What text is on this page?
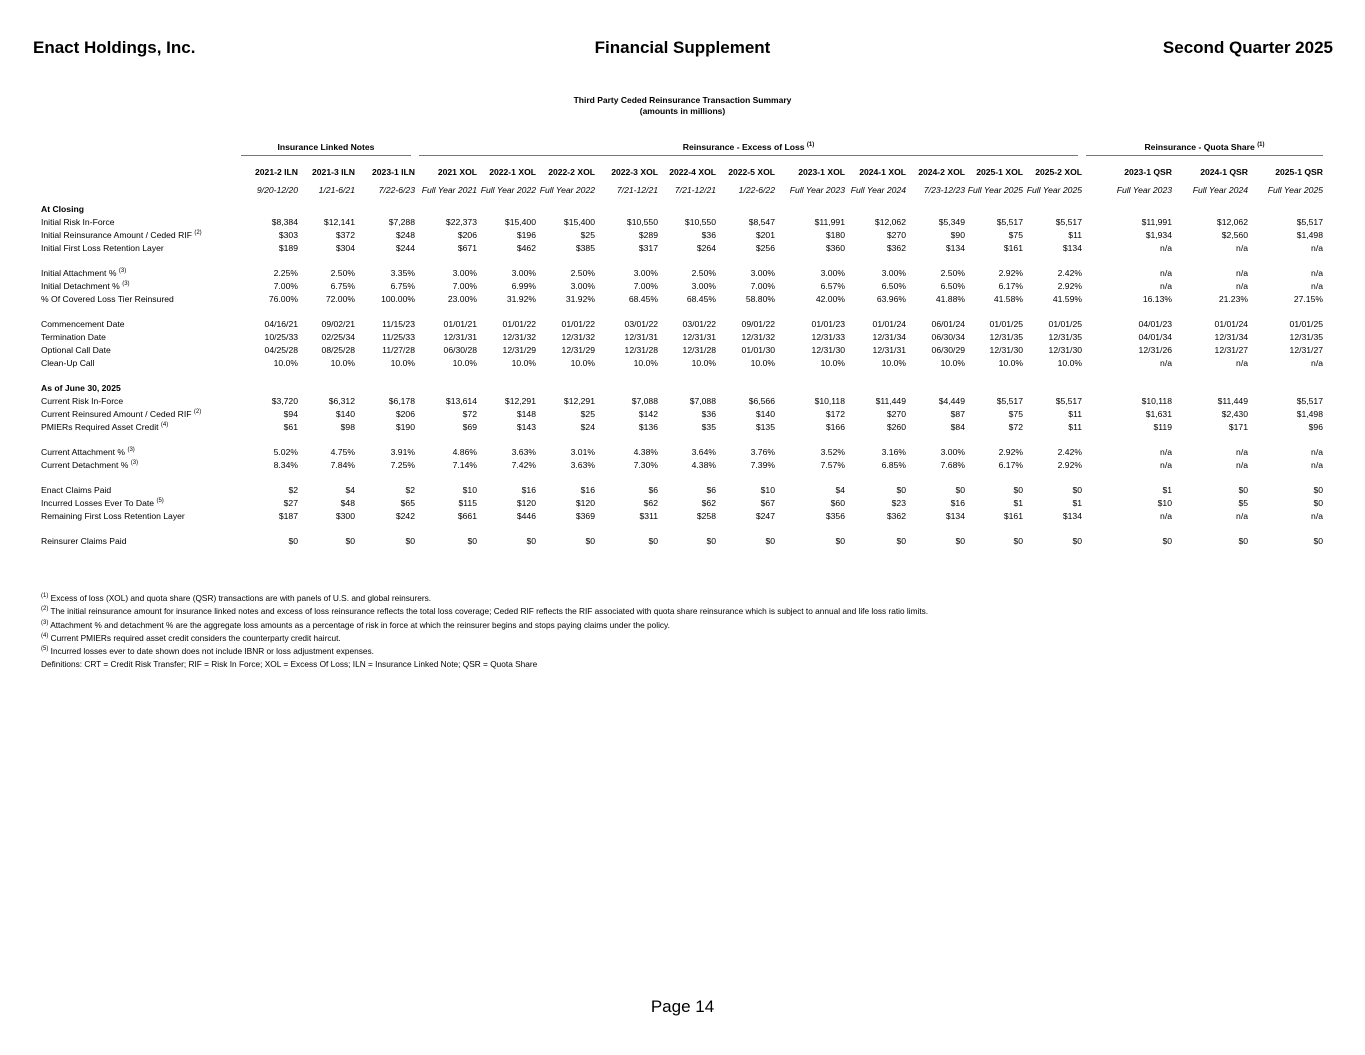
Enact Holdings, Inc.	Financial Supplement	Second Quarter 2025
Third Party Ceded Reinsurance Transaction Summary
(amounts in millions)
	Insurance Linked Notes			Reinsurance - Excess of Loss $^{(1)}$											Reinsurance - Quota Share $^{(1)}$
	2021-2 ILN	2021-3 ILN	2023-1 ILN	2021 XOL	2022-1 XOL	2022-2 XOL	2022-3 XOL	2022-4 XOL	2022-5 XOL	2023-1 XOL	2024-1 XOL	2024-2 XOL	2025-1 XOL	2025-2 XOL	2023-1 QSR	2024-1 QSR	2025-1 QSR
	9/20-12/20	1/21-6/21	7/22-6/23	Full Year 2021	Full Year 2022	Full Year 2022	7/21-12/21	7/21-12/21	1/22-6/22	Full Year 2023	Full Year 2024	7/23-12/23	Full Year 2025	Full Year 2025	Full Year 2023	Full Year 2024	Full Year 2025
At Closing																	
Initial Risk In-Force	$8,384	$12,141	$7,288	$22,373	$15,400	$15,400	$10,550	$10,550	$8,547	$11,991	$12,062	$5,349	$5,517	$5,517	$11,991	$12,062	$5,517
Initial Reinsurance Amount / Ceded RIF $^{(2)}$	$303	$372	$248	$206	$196	$25	$289	$36	$201	$180	$270	$90	$75	$11	$1,934	$2,560	$1,498
Initial First Loss Retention Layer	$189	$304	$244	$671	$462	$385	$317	$264	$256	$360	$362	$134	$161	$134	n/a	n/a	n/a

Initial Attachment % $^{(3)}$	2.25%	2.50%	3.35%	3.00%	3.00%	2.50%	3.00%	2.50%	3.00%	3.00%	3.00%	2.50%	2.92%	2.42%	n/a	n/a	n/a
Initial Detachment % $^{(3)}$	7.00%	6.75%	6.75%	7.00%	6.99%	3.00%	7.00%	3.00%	7.00%	6.57%	6.50%	6.50%	6.17%	2.92%	n/a	n/a	n/a
% Of Covered Loss Tier Reinsured	76.00%	72.00%	100.00%	23.00%	31.92%	31.92%	68.45%	68.45%	58.80%	42.00%	63.96%	41.88%	41.58%	41.59%	16.13%	21.23%	27.15%

Commencement Date	04/16/21	09/02/21	11/15/23	01/01/21	01/01/22	01/01/22	03/01/22	03/01/22	09/01/22	01/01/23	01/01/24	06/01/24	01/01/25	01/01/25	04/01/23	01/01/24	01/01/25
Termination Date	10/25/33	02/25/34	11/25/33	12/31/31	12/31/32	12/31/32	12/31/31	12/31/31	12/31/32	12/31/33	12/31/34	06/30/34	12/31/35	12/31/35	04/01/34	12/31/34	12/31/35
Optional Call Date	04/25/28	08/25/28	11/27/28	06/30/28	12/31/29	12/31/29	12/31/28	12/31/28	01/01/30	12/31/30	12/31/31	06/30/29	12/31/30	12/31/30	12/31/26	12/31/27	12/31/27
Clean-Up Call	10.0%	10.0%	10.0%	10.0%	10.0%	10.0%	10.0%	10.0%	10.0%	10.0%	10.0%	10.0%	10.0%	10.0%	n/a	n/a	n/a

As of June 30, 2025																	
Current Risk In-Force	$3,720	$6,312	$6,178	$13,614	$12,291	$12,291	$7,088	$7,088	$6,566	$10,118	$11,449	$4,449	$5,517	$5,517	$10,118	$11,449	$5,517
Current Reinsured Amount / Ceded RIF $^{(2)}$	$94	$140	$206	$72	$148	$25	$142	$36	$140	$172	$270	$87	$75	$11	$1,631	$2,430	$1,498
PMIERs Required Asset Credit $^{(4)}$	$61	$98	$190	$69	$143	$24	$136	$35	$135	$166	$260	$84	$72	$11	$119	$171	$96

Current Attachment % $^{(3)}$	5.02%	4.75%	3.91%	4.86%	3.63%	3.01%	4.38%	3.64%	3.76%	3.52%	3.16%	3.00%	2.92%	2.42%	n/a	n/a	n/a
Current Detachment % $^{(3)}$	8.34%	7.84%	7.25%	7.14%	7.42%	3.63%	7.30%	4.38%	7.39%	7.57%	6.85%	7.68%	6.17%	2.92%	n/a	n/a	n/a

Enact Claims Paid	$2	$4	$2	$10	$16	$16	$6	$6	$10	$4	$0	$0	$0	$0	$1	$0	$0
Incurred Losses Ever To Date $^{(5)}$	$27	$48	$65	$115	$120	$120	$62	$62	$67	$60	$23	$16	$1	$1	$10	$5	$0
Remaining First Loss Retention Layer	$187	$300	$242	$661	$446	$369	$311	$258	$247	$356	$362	$134	$161	$134	n/a	n/a	n/a

Reinsurer Claims Paid	$0	$0	$0	$0	$0	$0	$0	$0	$0	$0	$0	$0	$0	$0	$0	$0	$0
$^{(1)}$ Excess of loss (XOL) and quota share (QSR) transactions are with panels of U.S. and global reinsurers.
$^{(2)}$ The initial reinsurance amount for insurance linked notes and excess of loss reinsurance reflects the total loss coverage; Ceded RIF reflects the RIF associated with quota share reinsurance which is subject to annual and life loss ratio limits.
$^{(3)}$ Attachment % and detachment % are the aggregate loss amounts as a percentage of risk in force at which the reinsurer begins and stops paying claims under the policy.
$^{(4)}$ Current PMIERs required asset credit considers the counterparty credit haircut.
$^{(5)}$ Incurred losses ever to date shown does not include IBNR or loss adjustment expenses.
Definitions: CRT = Credit Risk Transfer; RIF = Risk In Force; XOL = Excess Of Loss; ILN = Insurance Linked Note; QSR = Quota Share
Page 14
